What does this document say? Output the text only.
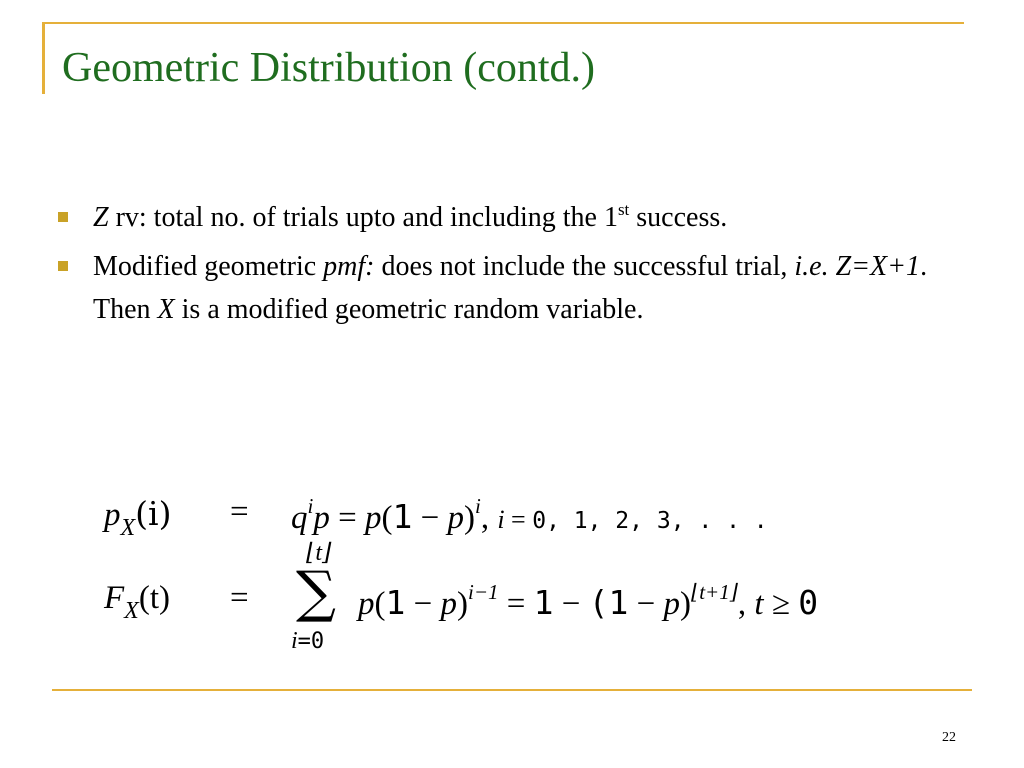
Geometric Distribution (contd.)
Z rv: total no. of trials upto and including the 1st success.
Modified geometric pmf: does not include the successful trial, i.e. Z=X+1. Then X is a modified geometric random variable.
$p_X(i) = q^ip = p(1 - p)^i$, i = 0, 1, 2, 3, . . .
$F_X(t)$ =
⌊t⌋
∑
i=0
$p(1 - p)^{i-1} = 1 - (1 - p)^{⌊t+1⌋}$, t ≥ 0
22
